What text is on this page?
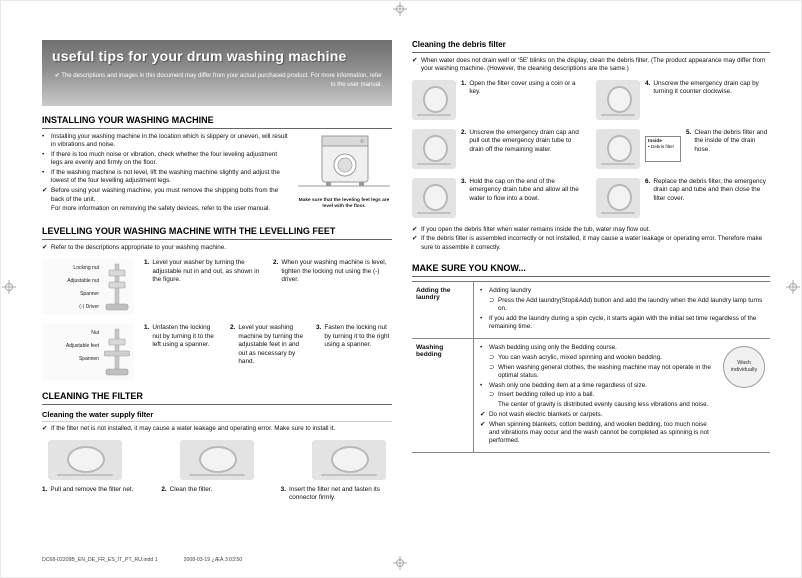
useful tips for your drum washing machine
✔ The descriptions and images in this document may differ from your actual purchased product. For more information, refer to the user manual.
INSTALLING YOUR WASHING MACHINE
•	Installing your washing machine in the location which is slippery or uneven, will result in vibrations and noise.
•	If there is too much noise or vibration, check whether the four leveling adjustment legs are evenly and firmly on the floor.
•	If the washing machine is not level, lift the washing machine slightly and adjust the lowest of the four levelling adjustment legs.
✔ Before using your washing machine, you must remove the shipping bolts from the back of the unit.
For more information on removing the safety devices, refer to the user manual.
Make sure that the leveling feet legs are level with the floor.
LEVELLING YOUR WASHING MACHINE WITH THE LEVELLING FEET
✔ Refer to the descriptions appropriate to your washing machine.
Locking nut
Adjustable nut
Spanner
(-) Driver
1. Level your washer by turning the adjustable nut in and out, as shown in the figure.
2. When your washing machine is level, tighten the locking nut using the (-) driver.
Nut
Adjustable feet
Spannen
1. Unfasten the locking nut by turning it to the left using a spanner.
2. Level your washing machine by turning the adjustable feet in and out as necessary by hand.
3. Fasten the locking nut by turning it to the right using a spanner.
CLEANING THE FILTER
Cleaning the water supply filter
✔ If the filter net is not installed, it may cause a water leakage and operating error. Make sure to install it.
1. Pull and remove the filter net.	2. Clean the filter.	3. Insert the filter net and fasten its connector firmly.
Cleaning the debris filter
✔ When water does not drain well or ‘5E’ blinks on the display, clean the debris filter. (The product appearance may differ from your washing machine. (However, the cleaning descriptions are the same.)
1. Open the filter cover using a coin or a key.
2. Unscrew the emergency drain cap and pull out the emergency drain tube to drain off the remaining water.
3. Hold the cap on the end of the emergency drain tube and allow all the water to flow into a bowl.
4. Unscrew the emergency drain cap by turning it counter clockwise.
Inside
• Debris filter
5. Clean the debris filter and the inside of the drain hose.
6. Replace the debris filter, the emergency drain cap and tube and then close the filter cover.
✔ If you open the debris filter when water remains inside the tub, water may flow out.
✔ If the debris filter is assembled incorrectly or not installed, it may cause a water leakage or operating error. Therefore make sure to assemble it correctly.
MAKE SURE YOU KNOW...
Adding the laundry
•	Adding laundry
⊃ Press the Add laundry(Stop&Add) button and add the laundry when the Add laundry lamp turns on.
•	If you add the laundry during a spin cycle, it starts again with the initial set time regardless of the remaining time.
Washing bedding
•	Wash bedding using only the Bedding course.
⊃ You can wash acrylic, mixed spinning and woolen bedding.
⊃ When washing general clothes, the washing machine may not operate in the optimal status.
•	Wash only one bedding item at a time regardless of size.
⊃ Insert bedding rolled up into a ball.
The center of gravity is distributed evenly causing less vibrations and noise.
✔ Do not wash electric blankets or carpets.
✔ When spinning blankets, cotton bedding, and woolen bedding, too much noise and vibrations may occur and the wash cannot be completed as spinning is not performed.
Wash individually
DC68-02209B_EN_DE_FR_ES_IT_PT_RU.indd 1	2008-03-19 ¿ÆÀ 3:03:50
